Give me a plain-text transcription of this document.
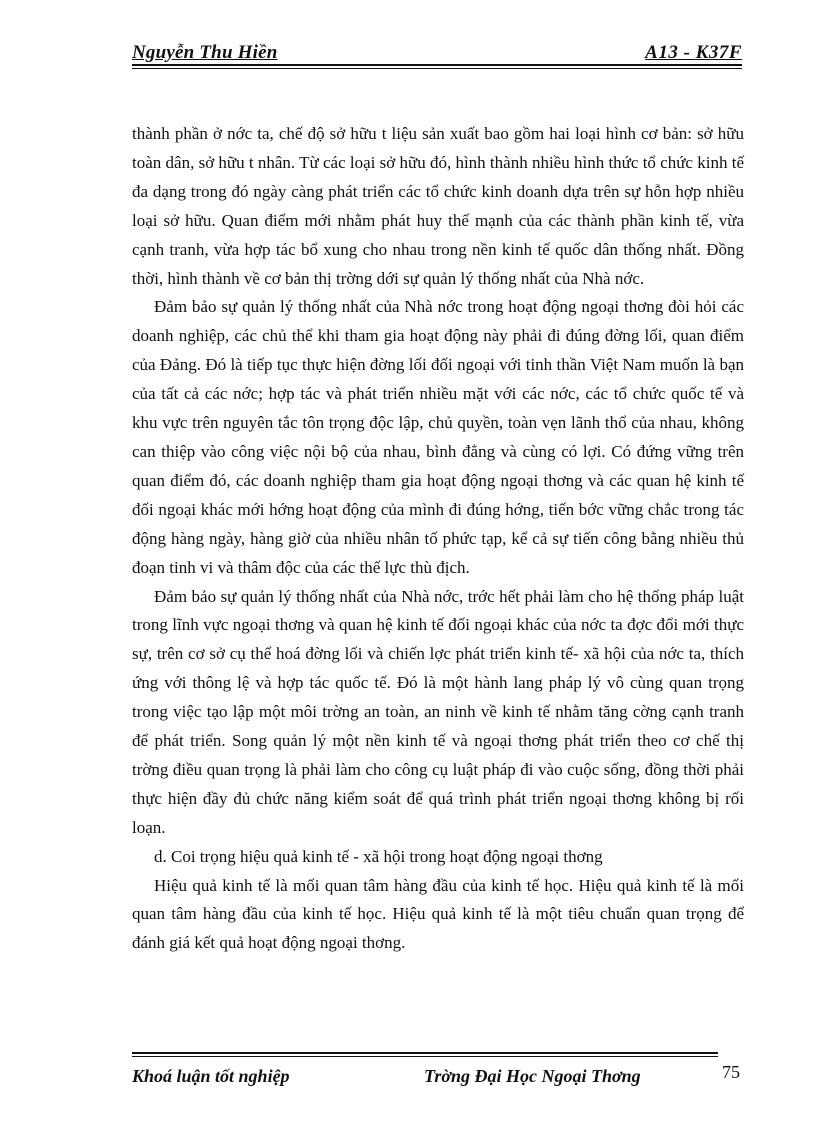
Nguyễn Thu Hiền	A13 - K37F

thành phần ở nớc ta, chế độ sở hữu t liệu sản xuất bao gồm hai loại hình cơ bản: sở hữu toàn dân, sở hữu t nhân. Từ các loại sở hữu đó, hình thành nhiều hình thức tổ chức kinh tế đa dạng trong đó ngày càng phát triển các tổ chức kinh doanh dựa trên sự hỗn hợp nhiều loại sở hữu. Quan điểm mới nhằm phát huy thế mạnh của các thành phần kinh tế, vừa cạnh tranh, vừa hợp tác bổ xung cho nhau trong nền kinh tế quốc dân thống nhất. Đồng thời, hình thành về cơ bản thị trờng dới sự quản lý thống nhất của Nhà nớc.

Đảm bảo sự quản lý thống nhất của Nhà nớc trong hoạt động ngoại thơng đòi hỏi các doanh nghiệp, các chủ thể khi tham gia hoạt động này phải đi đúng đờng lối, quan điểm của Đảng. Đó là tiếp tục thực hiện đờng lối đối ngoại với tinh thần Việt Nam muốn là bạn của tất cả các nớc; hợp tác và phát triển nhiều mặt với các nớc, các tổ chức quốc tế và khu vực trên nguyên tắc tôn trọng độc lập, chủ quyền, toàn vẹn lãnh thổ của nhau, không can thiệp vào công việc nội bộ của nhau, bình đẳng và cùng có lợi. Có đứng vững trên quan điểm đó, các doanh nghiệp tham gia hoạt động ngoại thơng và các quan hệ kinh tế đối ngoại khác mới hớng hoạt động của mình đi đúng hớng, tiến bớc vững chắc trong tác động hàng ngày, hàng giờ của nhiều nhân tố phức tạp, kể cả sự tiến công bằng nhiều thủ đoạn tinh vi và thâm độc của các thế lực thù địch.

Đảm bảo sự quản lý thống nhất của Nhà nớc, trớc hết phải làm cho hệ thống pháp luật trong lĩnh vực ngoại thơng và quan hệ kinh tế đối ngoại khác của nớc ta đợc đổi mới thực sự, trên cơ sở cụ thể hoá đờng lối và chiến lợc phát triển kinh tế- xã hội của nớc ta, thích ứng với thông lệ và hợp tác quốc tế. Đó là một hành lang pháp lý vô cùng quan trọng trong việc tạo lập một môi trờng an toàn, an ninh về kinh tế nhằm tăng cờng cạnh tranh để phát triển. Song quản lý một nền kinh tế và ngoại thơng phát triển theo cơ chế thị trờng điều quan trọng là phải làm cho công cụ luật pháp đi vào cuộc sống, đồng thời phải thực hiện đầy đủ chức năng kiểm soát để quá trình phát triển ngoại thơng không bị rối loạn.

d. Coi trọng hiệu quả kinh tế - xã hội trong hoạt động ngoại thơng

Hiệu quả kinh tế là mối quan tâm hàng đầu của kinh tế học. Hiệu quả kinh tế là mối quan tâm hàng đầu của kinh tế học. Hiệu quả kinh tế là một tiêu chuẩn quan trọng để đánh giá kết quả hoạt động ngoại thơng.

Khoá luận tốt nghiệp	Trờng Đại Học Ngoại Thơng	75
